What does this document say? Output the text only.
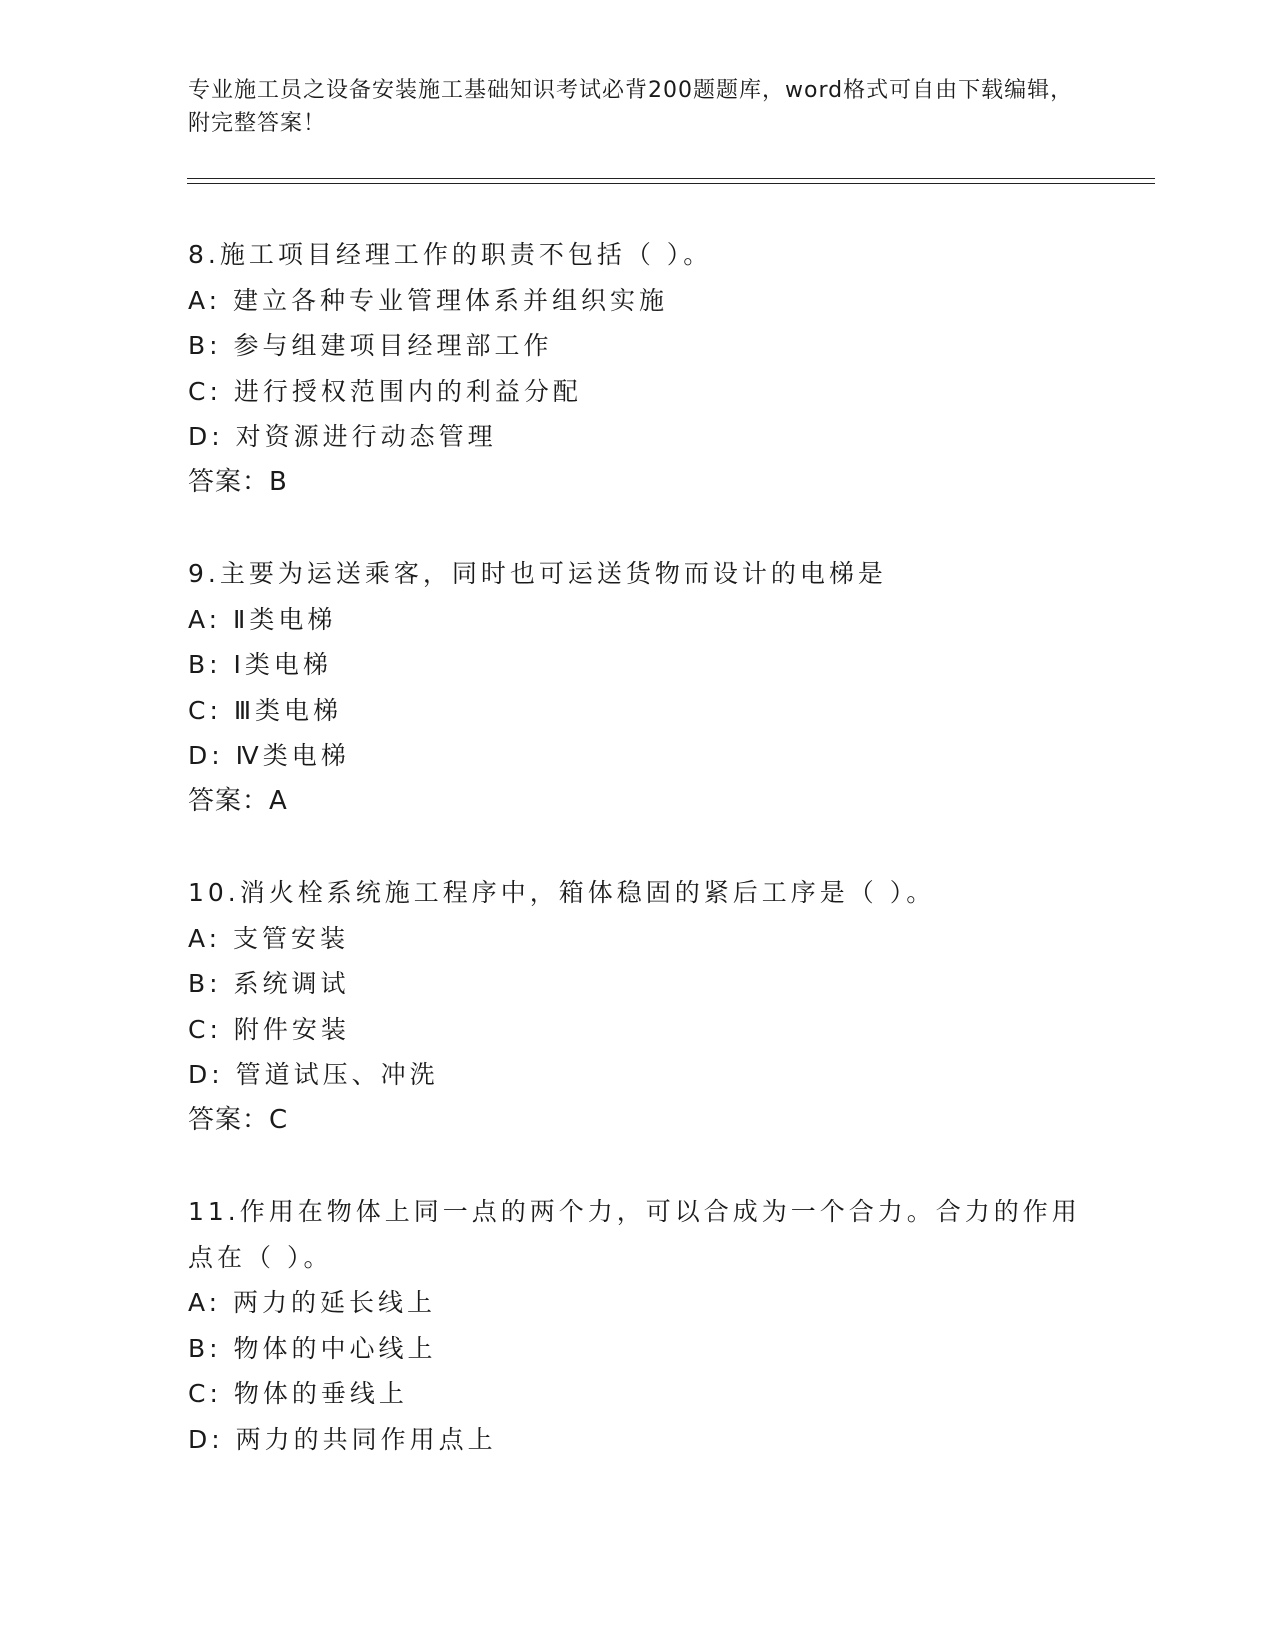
专业施工员之设备安装施工基础知识考试必背200题题库，word格式可自由下载编辑，附完整答案！
8.施工项目经理工作的职责不包括（ ）。
A: 建立各种专业管理体系并组织实施
B: 参与组建项目经理部工作
C: 进行授权范围内的利益分配
D: 对资源进行动态管理
答案：B
9.主要为运送乘客，同时也可运送货物而设计的电梯是
A: Ⅱ类电梯
B: Ⅰ类电梯
C: Ⅲ类电梯
D: Ⅳ类电梯
答案：A
10.消火栓系统施工程序中，箱体稳固的紧后工序是（ ）。
A: 支管安装
B: 系统调试
C: 附件安装
D: 管道试压、冲洗
答案：C
11.作用在物体上同一点的两个力，可以合成为一个合力。合力的作用点在（ ）。
A: 两力的延长线上
B: 物体的中心线上
C: 物体的垂线上
D: 两力的共同作用点上
